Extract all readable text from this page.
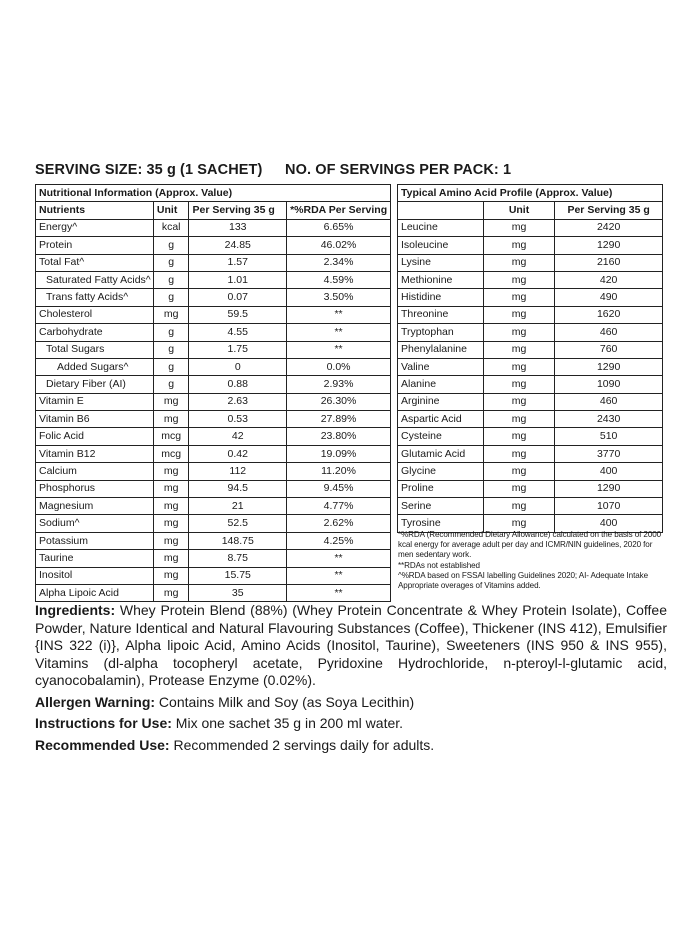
SERVING SIZE: 35 g (1 SACHET) NO. OF SERVINGS PER PACK: 1
Nutritional Information (Approx. Value)			
Nutrients	Unit	Per Serving 35 g	*%RDA Per Serving
Energy^	kcal	133	6.65%
Protein	g	24.85	46.02%
Total Fat^	g	1.57	2.34%
Saturated Fatty Acids^	g	1.01	4.59%
Trans fatty Acids^	g	0.07	3.50%
Cholesterol	mg	59.5	**
Carbohydrate	g	4.55	**
Total Sugars	g	1.75	**
Added Sugars^	g	0	0.0%
Dietary Fiber (AI)	g	0.88	2.93%
Vitamin E	mg	2.63	26.30%
Vitamin B6	mg	0.53	27.89%
Folic Acid	mcg	42	23.80%
Vitamin B12	mcg	0.42	19.09%
Calcium	mg	112	11.20%
Phosphorus	mg	94.5	9.45%
Magnesium	mg	21	4.77%
Sodium^	mg	52.5	2.62%
Potassium	mg	148.75	4.25%
Taurine	mg	8.75	**
Inositol	mg	15.75	**
Alpha Lipoic Acid	mg	35	**
Typical Amino Acid Profile (Approx. Value)		
	Unit	Per Serving 35 g
Leucine	mg	2420
Isoleucine	mg	1290
Lysine	mg	2160
Methionine	mg	420
Histidine	mg	490
Threonine	mg	1620
Tryptophan	mg	460
Phenylalanine	mg	760
Valine	mg	1290
Alanine	mg	1090
Arginine	mg	460
Aspartic Acid	mg	2430
Cysteine	mg	510
Glutamic Acid	mg	3770
Glycine	mg	400
Proline	mg	1290
Serine	mg	1070
Tyrosine	mg	400
*%RDA (Recommended Dietary Allowance) calculated on the basis of 2000 kcal energy for average adult per day and ICMR/NIN guidelines, 2020 for men sedentary work.
**RDAs not established
^%RDA based on FSSAI labelling Guidelines 2020; AI- Adequate Intake
Appropriate overages of Vitamins added.

Ingredients: Whey Protein Blend (88%) (Whey Protein Concentrate & Whey Protein Isolate), Coffee Powder, Nature Identical and Natural Flavouring Substances (Coffee), Thickener (INS 412), Emulsifier {INS 322 (i)}, Alpha lipoic Acid, Amino Acids (Inositol, Taurine), Sweeteners (INS 950 & INS 955), Vitamins (dl-alpha tocopheryl acetate, Pyridoxine Hydrochloride, n-pteroyl-l-glutamic acid, cyanocobalamin), Protease Enzyme (0.02%).

Allergen Warning: Contains Milk and Soy (as Soya Lecithin)

Instructions for Use: Mix one sachet 35 g in 200 ml water.

Recommended Use: Recommended 2 servings daily for adults.
